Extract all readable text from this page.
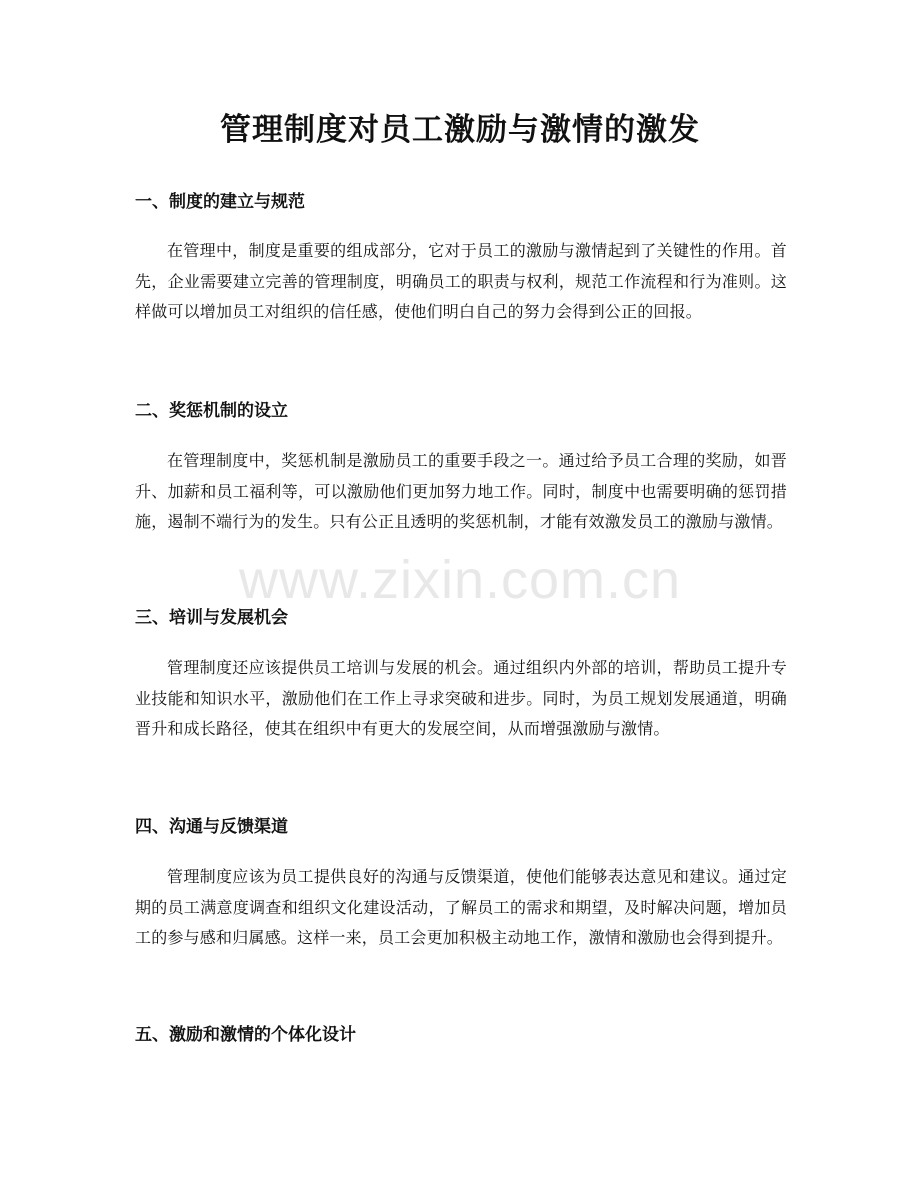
管理制度对员工激励与激情的激发
一、制度的建立与规范

在管理中，制度是重要的组成部分，它对于员工的激励与激情起到了关键性的作用。首先，企业需要建立完善的管理制度，明确员工的职责与权利，规范工作流程和行为准则。这样做可以增加员工对组织的信任感，使他们明白自己的努力会得到公正的回报。

二、奖惩机制的设立

在管理制度中，奖惩机制是激励员工的重要手段之一。通过给予员工合理的奖励，如晋升、加薪和员工福利等，可以激励他们更加努力地工作。同时，制度中也需要明确的惩罚措施，遏制不端行为的发生。只有公正且透明的奖惩机制，才能有效激发员工的激励与激情。

三、培训与发展机会

管理制度还应该提供员工培训与发展的机会。通过组织内外部的培训，帮助员工提升专业技能和知识水平，激励他们在工作上寻求突破和进步。同时，为员工规划发展通道，明确晋升和成长路径，使其在组织中有更大的发展空间，从而增强激励与激情。

四、沟通与反馈渠道

管理制度应该为员工提供良好的沟通与反馈渠道，使他们能够表达意见和建议。通过定期的员工满意度调查和组织文化建设活动，了解员工的需求和期望，及时解决问题，增加员工的参与感和归属感。这样一来，员工会更加积极主动地工作，激情和激励也会得到提升。

五、激励和激情的个体化设计
www.zixin.com.cn
